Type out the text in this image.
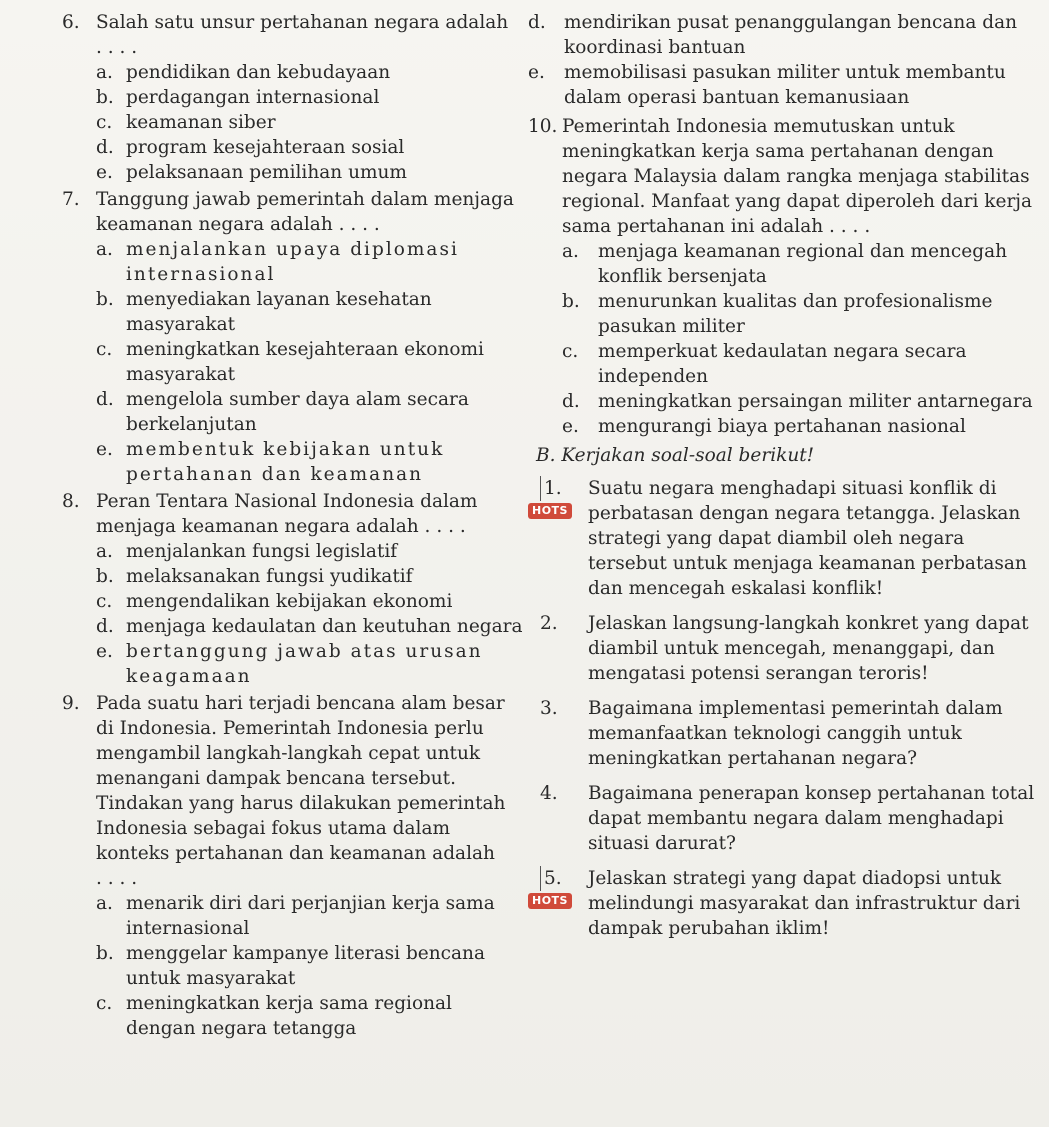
6. Salah satu unsur pertahanan negara adalah
. . . .
a. pendidikan dan kebudayaan
b. perdagangan internasional
c. keamanan siber
d. program kesejahteraan sosial
e. pelaksanaan pemilihan umum
7. Tanggung jawab pemerintah dalam menjaga keamanan negara adalah . . . .
a. menjalankan upaya diplomasi internasional
b. menyediakan layanan kesehatan masyarakat
c. meningkatkan kesejahteraan ekonomi masyarakat
d. mengelola sumber daya alam secara berkelanjutan
e. membentuk kebijakan untuk pertahanan dan keamanan
8. Peran Tentara Nasional Indonesia dalam menjaga keamanan negara adalah . . . .
a. menjalankan fungsi legislatif
b. melaksanakan fungsi yudikatif
c. mengendalikan kebijakan ekonomi
d. menjaga kedaulatan dan keutuhan negara
e. bertanggung jawab atas urusan keagamaan
9. Pada suatu hari terjadi bencana alam besar di Indonesia. Pemerintah Indonesia perlu mengambil langkah-langkah cepat untuk menangani dampak bencana tersebut. Tindakan yang harus dilakukan pemerintah Indonesia sebagai fokus utama dalam konteks pertahanan dan keamanan adalah
. . . .
a. menarik diri dari perjanjian kerja sama internasional
b. menggelar kampanye literasi bencana untuk masyarakat
c. meningkatkan kerja sama regional dengan negara tetangga
d. mendirikan pusat penanggulangan bencana dan koordinasi bantuan
e. memobilisasi pasukan militer untuk membantu dalam operasi bantuan kemanusiaan
10. Pemerintah Indonesia memutuskan untuk meningkatkan kerja sama pertahanan dengan negara Malaysia dalam rangka menjaga stabilitas regional. Manfaat yang dapat diperoleh dari kerja sama pertahanan ini adalah . . . .
a. menjaga keamanan regional dan mencegah konflik bersenjata
b. menurunkan kualitas dan profesionalisme pasukan militer
c. memperkuat kedaulatan negara secara independen
d. meningkatkan persaingan militer antarnegara
e. mengurangi biaya pertahanan nasional
B. Kerjakan soal-soal berikut!
1.
HOTS
Suatu negara menghadapi situasi konflik di perbatasan dengan negara tetangga. Jelaskan strategi yang dapat diambil oleh negara tersebut untuk menjaga keamanan perbatasan dan mencegah eskalasi konflik!
2. Jelaskan langsung-langkah konkret yang dapat diambil untuk mencegah, menanggapi, dan mengatasi potensi serangan teroris!
3. Bagaimana implementasi pemerintah dalam memanfaatkan teknologi canggih untuk meningkatkan pertahanan negara?
4. Bagaimana penerapan konsep pertahanan total dapat membantu negara dalam menghadapi situasi darurat?
5.
HOTS
Jelaskan strategi yang dapat diadopsi untuk melindungi masyarakat dan infrastruktur dari dampak perubahan iklim!
